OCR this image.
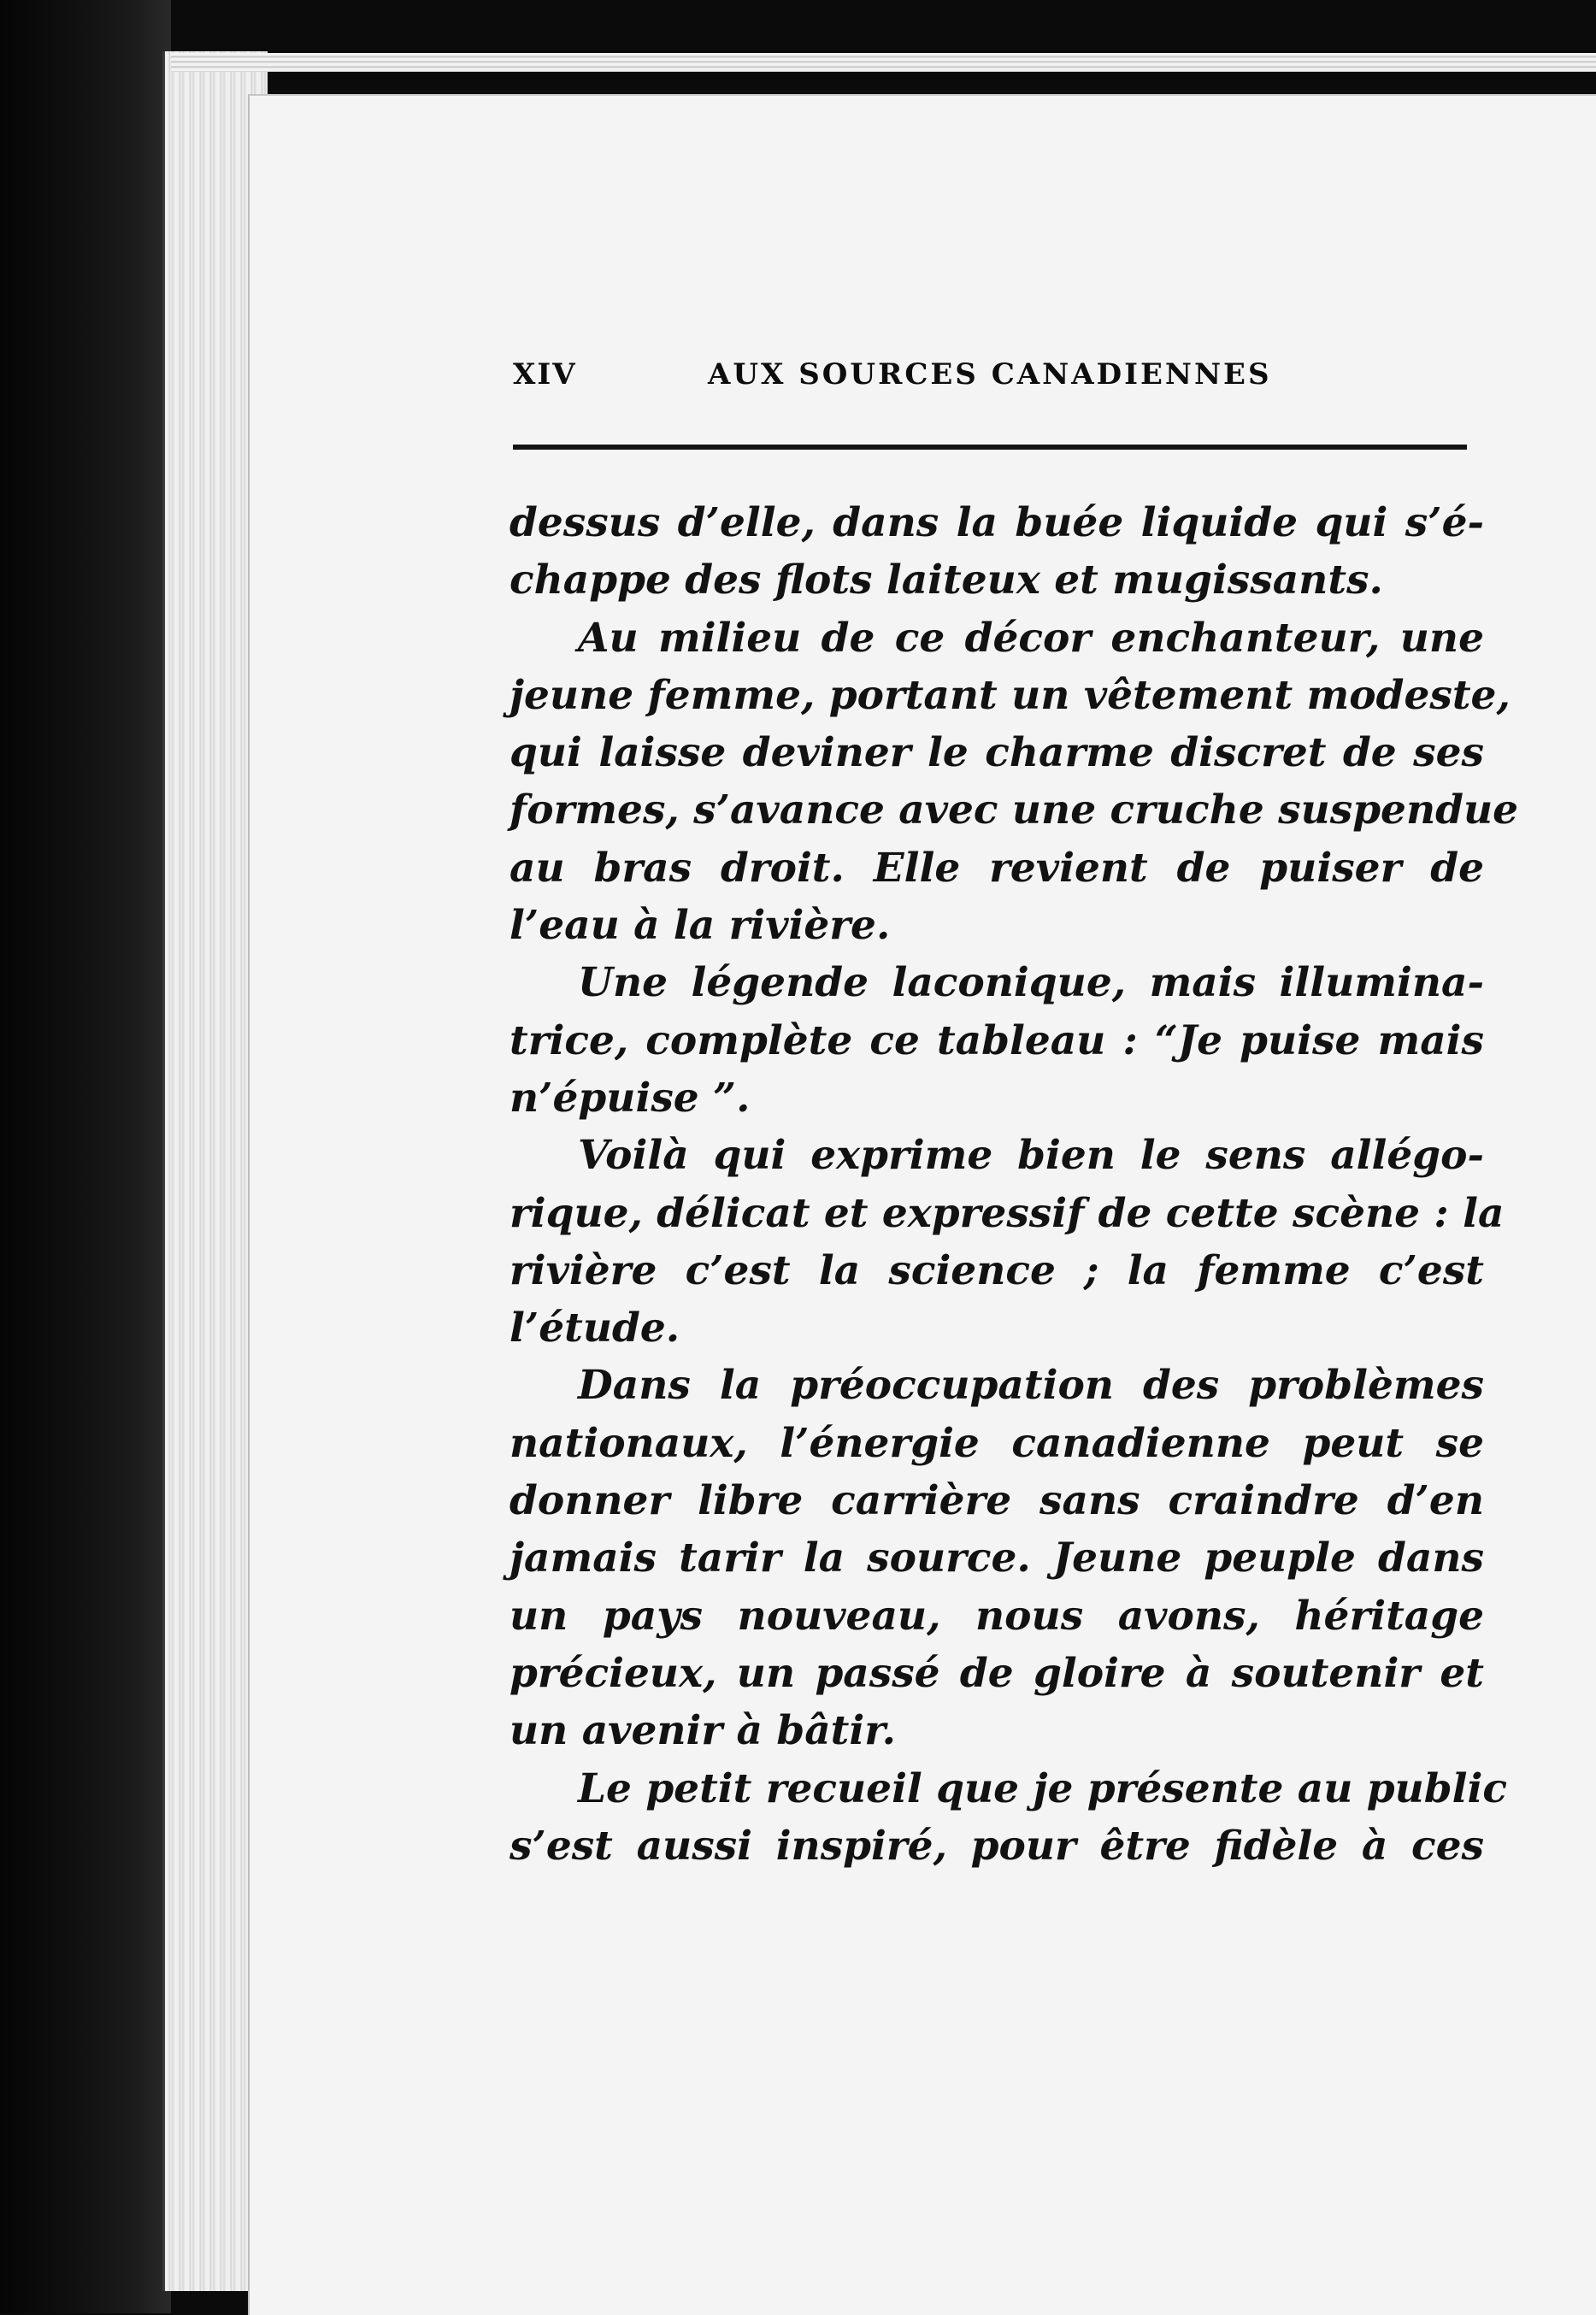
XIV	AUX SOURCES CANADIENNES
dessus d’elle, dans la buée liquide qui s’é-
chappe des flots laiteux et mugissants.
Au milieu de ce décor enchanteur, une
jeune femme, portant un vêtement modeste,
qui laisse deviner le charme discret de ses
formes, s’avance avec une cruche suspendue
au bras droit. Elle revient de puiser de
l’eau à la rivière.
Une légende laconique, mais illumina-
trice, complète ce tableau : “Je puise mais
n’épuise ”.
Voilà qui exprime bien le sens allégo-
rique, délicat et expressif de cette scène : la
rivière c’est la science ; la femme c’est
l’étude.
Dans la préoccupation des problèmes
nationaux, l’énergie canadienne peut se
donner libre carrière sans craindre d’en
jamais tarir la source. Jeune peuple dans
un pays nouveau, nous avons, héritage
précieux, un passé de gloire à soutenir et
un avenir à bâtir.
Le petit recueil que je présente au public
s’est aussi inspiré, pour être fidèle à ces
